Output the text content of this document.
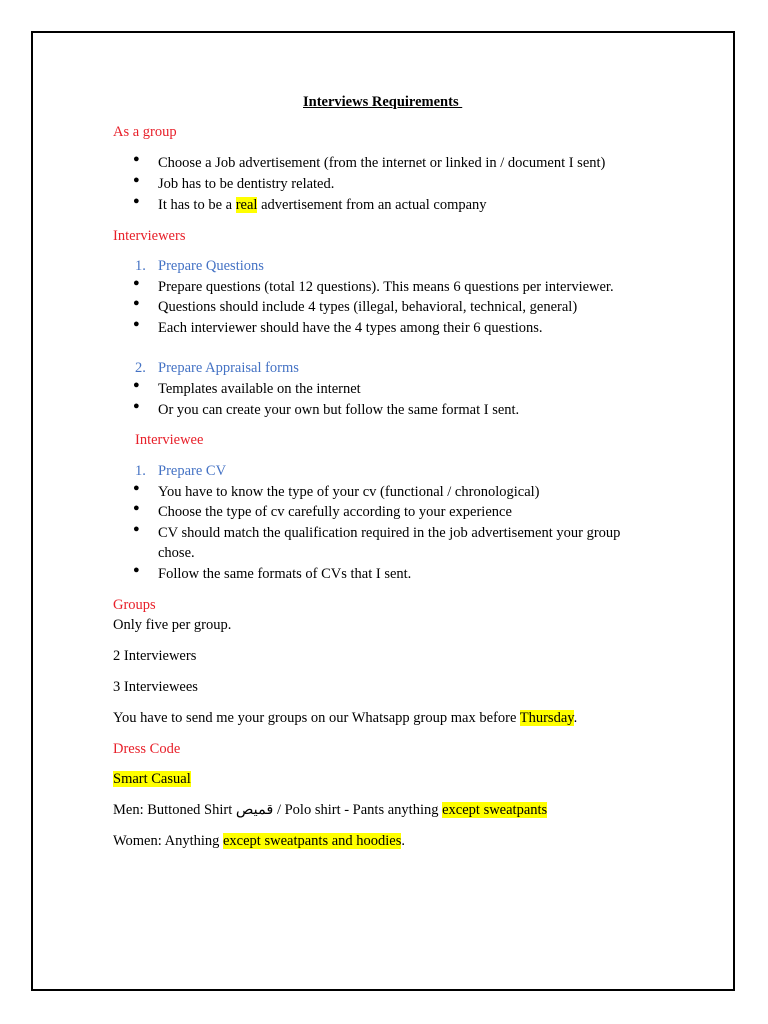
Interviews Requirements
As a group
● Choose a Job advertisement (from the internet or linked in / document I sent)
● Job has to be dentistry related.
● It has to be a real advertisement from an actual company
Interviewers
1. Prepare Questions
● Prepare questions (total 12 questions). This means 6 questions per interviewer.
● Questions should include 4 types (illegal, behavioral, technical, general)
● Each interviewer should have the 4 types among their 6 questions.
2. Prepare Appraisal forms
● Templates available on the internet
● Or you can create your own but follow the same format I sent.
Interviewee
1. Prepare CV
● You have to know the type of your cv (functional / chronological)
● Choose the type of cv carefully according to your experience
● CV should match the qualification required in the job advertisement your group
chose.
● Follow the same formats of CVs that I sent.
Groups
Only five per group.
2 Interviewers
3 Interviewees
You have to send me your groups on our Whatsapp group max before Thursday.
Dress Code
Smart Casual
Men: Buttoned Shirt قميص / Polo shirt - Pants anything except sweatpants
Women: Anything except sweatpants and hoodies.
